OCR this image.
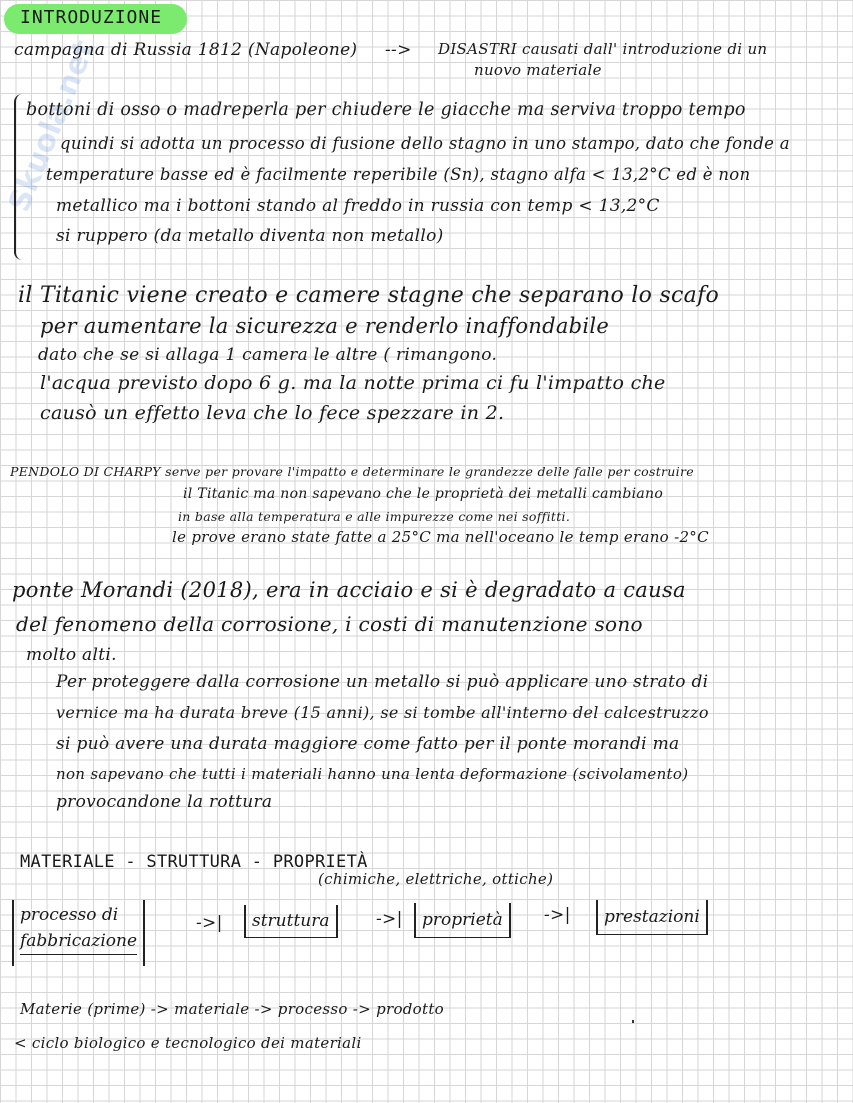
INTRODUZIONE
Skuola.net
campagna di Russia 1812 (Napoleone) --> DISASTRI causati dall' introduzione di un
nuovo materiale
bottoni di osso o madreperla per chiudere le giacche ma serviva troppo tempo
quindi si adotta un processo di fusione dello stagno in uno stampo, dato che fonde a
temperature basse ed è facilmente reperibile (Sn), stagno alfa < 13,2°C ed è non
metallico ma i bottoni stando al freddo in russia con temp < 13,2°C
si ruppero (da metallo diventa non metallo)
il Titanic viene creato e camere stagne che separano lo scafo
per aumentare la sicurezza e renderlo inaffondabile
dato che se si allaga 1 camera le altre ( rimangono.
l'acqua previsto dopo 6 g. ma la notte prima ci fu l'impatto che
causò un effetto leva che lo fece spezzare in 2.
PENDOLO DI CHARPY serve per provare l'impatto e determinare le grandezze delle falle per costruire
il Titanic ma non sapevano che le proprietà dei metalli cambiano
in base alla temperatura e alle impurezze come nei soffitti.
le prove erano state fatte a 25°C ma nell'oceano le temp erano -2°C
ponte Morandi (2018), era in acciaio e si è degradato a causa
del fenomeno della corrosione, i costi di manutenzione sono
molto alti.
Per proteggere dalla corrosione un metallo si può applicare uno strato di
vernice ma ha durata breve (15 anni), se si tombe all'interno del calcestruzzo
si può avere una durata maggiore come fatto per il ponte morandi ma
non sapevano che tutti i materiali hanno una lenta deformazione (scivolamento)
provocandone la rottura
MATERIALE - STRUTTURA - PROPRIETÀ
(chimiche, elettriche, ottiche)
processo di
fabbricazione
->|	struttura	->|	proprietà	->|	prestazioni
Materie (prime) -> materiale -> processo -> prodotto
< ciclo biologico e tecnologico dei materiali
